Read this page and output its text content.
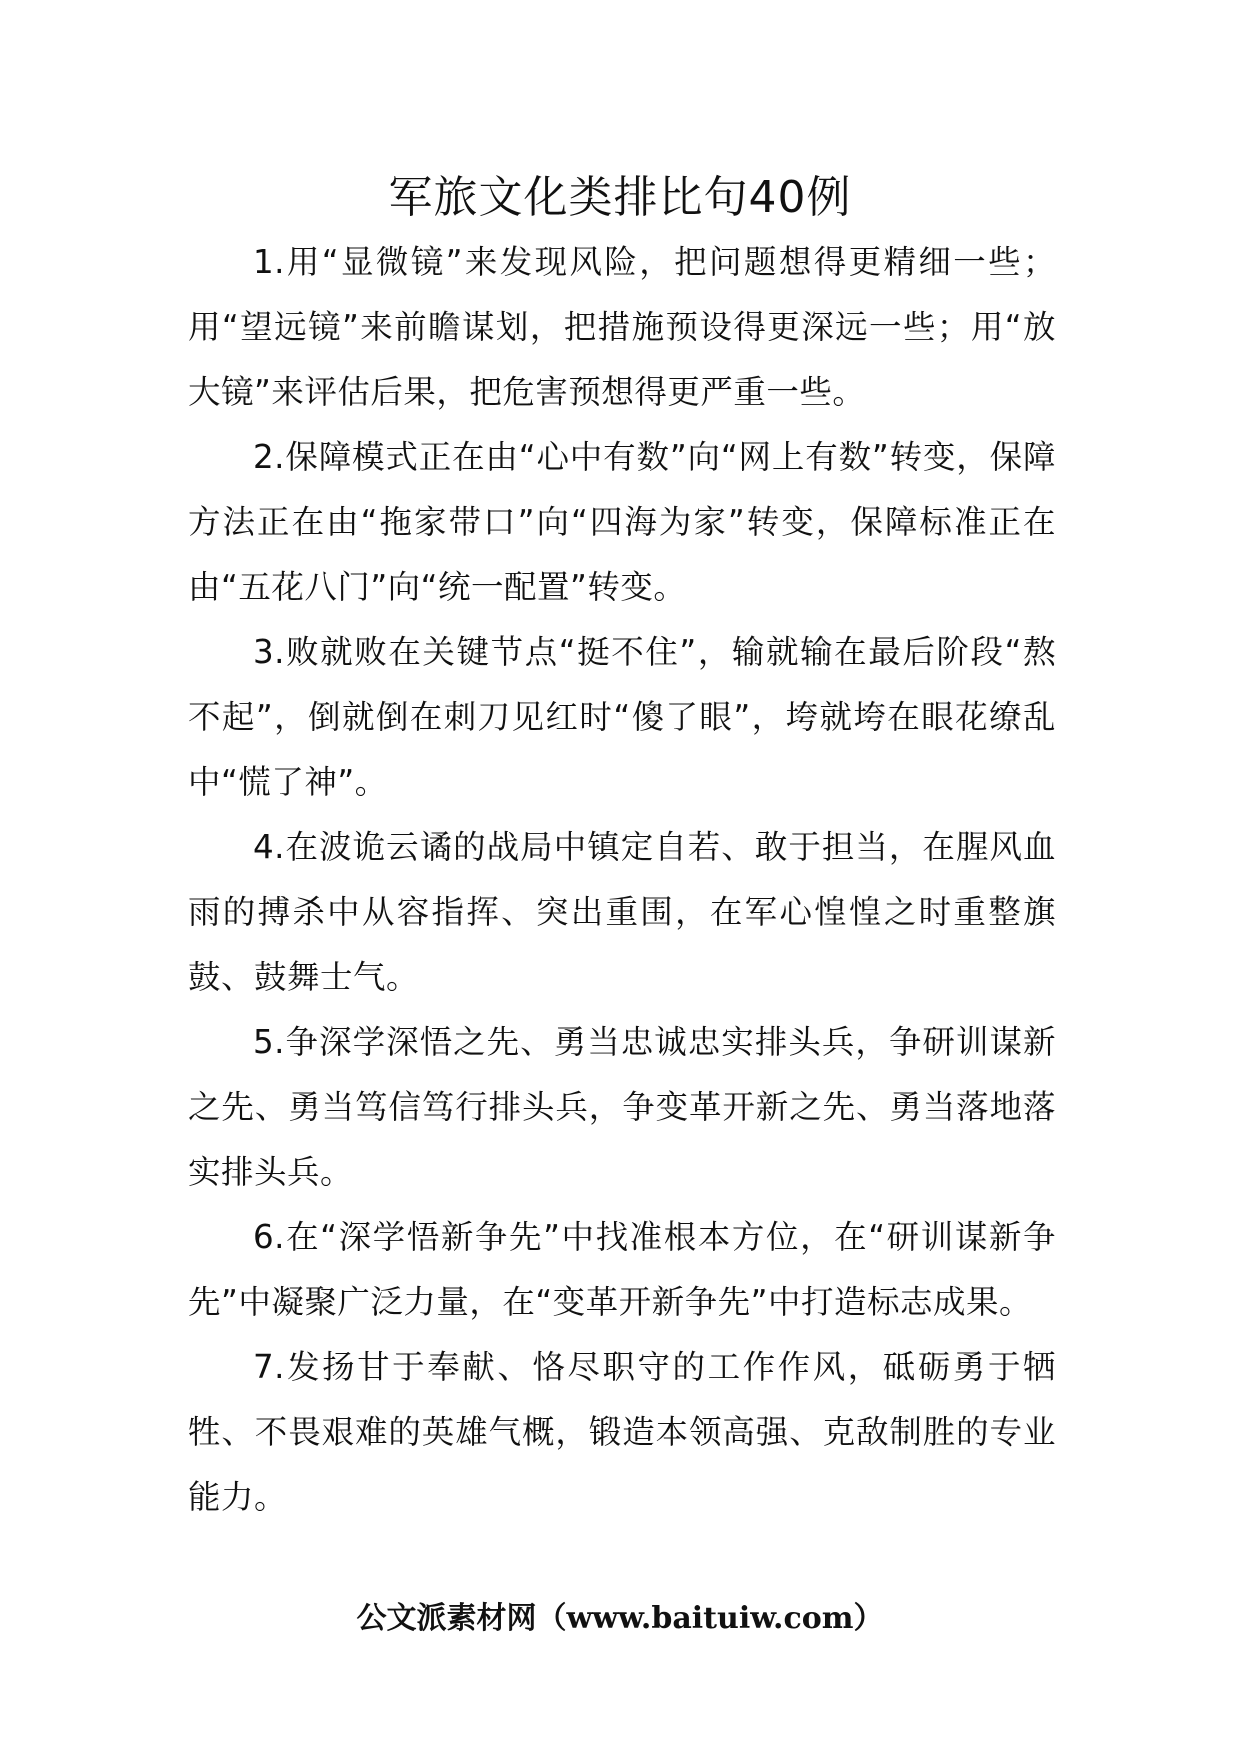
军旅文化类排比句40例

1.用“显微镜”来发现风险，把问题想得更精细一些；用“望远镜”来前瞻谋划，把措施预设得更深远一些；用“放大镜”来评估后果，把危害预想得更严重一些。

2.保障模式正在由“心中有数”向“网上有数”转变，保障方法正在由“拖家带口”向“四海为家”转变，保障标准正在由“五花八门”向“统一配置”转变。

3.败就败在关键节点“挺不住”，输就输在最后阶段“熬不起”，倒就倒在刺刀见红时“傻了眼”，垮就垮在眼花缭乱中“慌了神”。

4.在波诡云谲的战局中镇定自若、敢于担当，在腥风血雨的搏杀中从容指挥、突出重围，在军心惶惶之时重整旗鼓、鼓舞士气。

5.争深学深悟之先、勇当忠诚忠实排头兵，争研训谋新之先、勇当笃信笃行排头兵，争变革开新之先、勇当落地落实排头兵。

6.在“深学悟新争先”中找准根本方位，在“研训谋新争先”中凝聚广泛力量，在“变革开新争先”中打造标志成果。

7.发扬甘于奉献、恪尽职守的工作作风，砥砺勇于牺牲、不畏艰难的英雄气概，锻造本领高强、克敌制胜的专业能力。

公文派素材网（www.baituiw.com）
